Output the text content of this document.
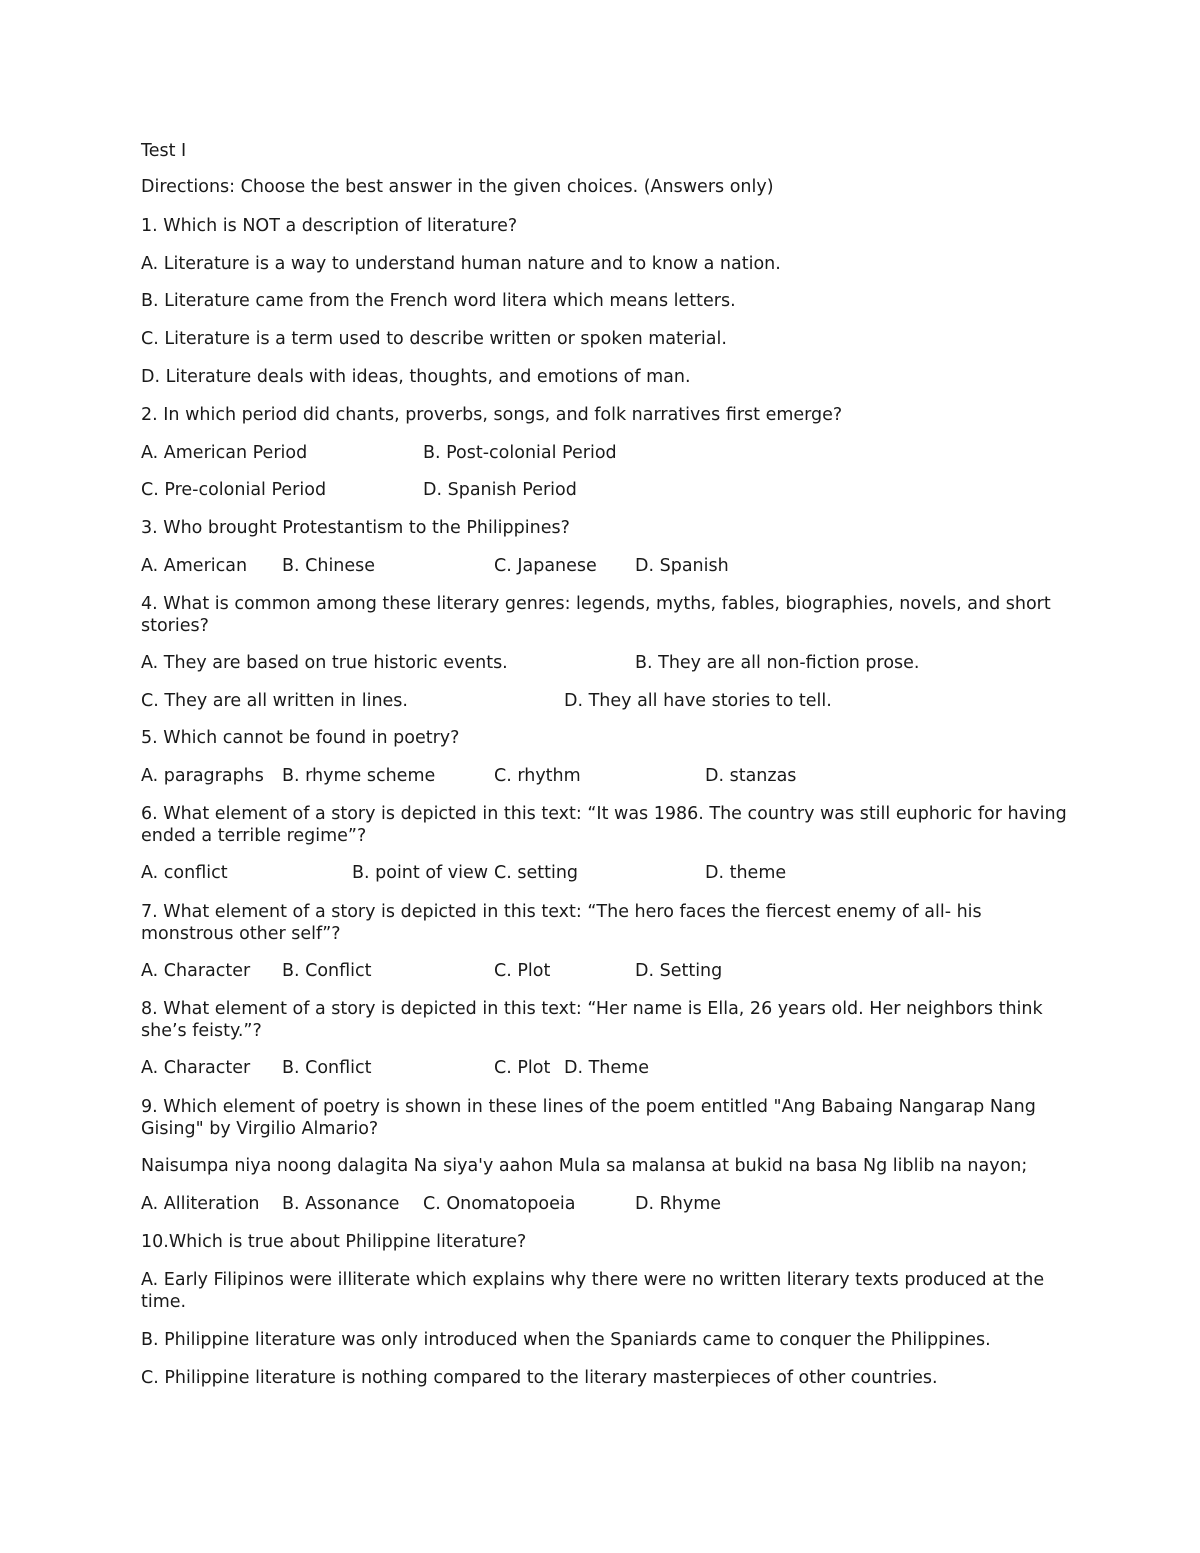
Test I
Directions: Choose the best answer in the given choices. (Answers only)
1. Which is NOT a description of literature?
A. Literature is a way to understand human nature and to know a nation.
B. Literature came from the French word litera which means letters.
C. Literature is a term used to describe written or spoken material.
D. Literature deals with ideas, thoughts, and emotions of man.
2. In which period did chants, proverbs, songs, and folk narratives first emerge?
A. American Period	B. Post-colonial Period
C. Pre-colonial Period	D. Spanish Period
3. Who brought Protestantism to the Philippines?
A. American B. Chinese	C. Japanese D. Spanish
4. What is common among these literary genres: legends, myths, fables, biographies, novels, and short stories?
A. They are based on true historic events.	B. They are all non-fiction prose.
C. They are all written in lines.	D. They all have stories to tell.
5. Which cannot be found in poetry?
A. paragraphs B. rhyme scheme	C. rhythm	D. stanzas
6. What element of a story is depicted in this text: “It was 1986. The country was still euphoric for having ended a terrible regime”?
A. conflict	B. point of view C. setting	D. theme
7. What element of a story is depicted in this text: “The hero faces the fiercest enemy of all- his monstrous other self”?
A. Character B. Conflict	C. Plot	D. Setting
8. What element of a story is depicted in this text: “Her name is Ella, 26 years old. Her neighbors think she’s feisty.”?
A. Character B. Conflict	C. Plot D. Theme
9. Which element of poetry is shown in these lines of the poem entitled "Ang Babaing Nangarap Nang Gising" by Virgilio Almario?
Naisumpa niya noong dalagita Na siya'y aahon Mula sa malansa at bukid na basa Ng liblib na nayon;
A. Alliteration B. Assonance C. Onomatopoeia	D. Rhyme
10.Which is true about Philippine literature?
A. Early Filipinos were illiterate which explains why there were no written literary texts produced at the time.
B. Philippine literature was only introduced when the Spaniards came to conquer the Philippines.
C. Philippine literature is nothing compared to the literary masterpieces of other countries.
